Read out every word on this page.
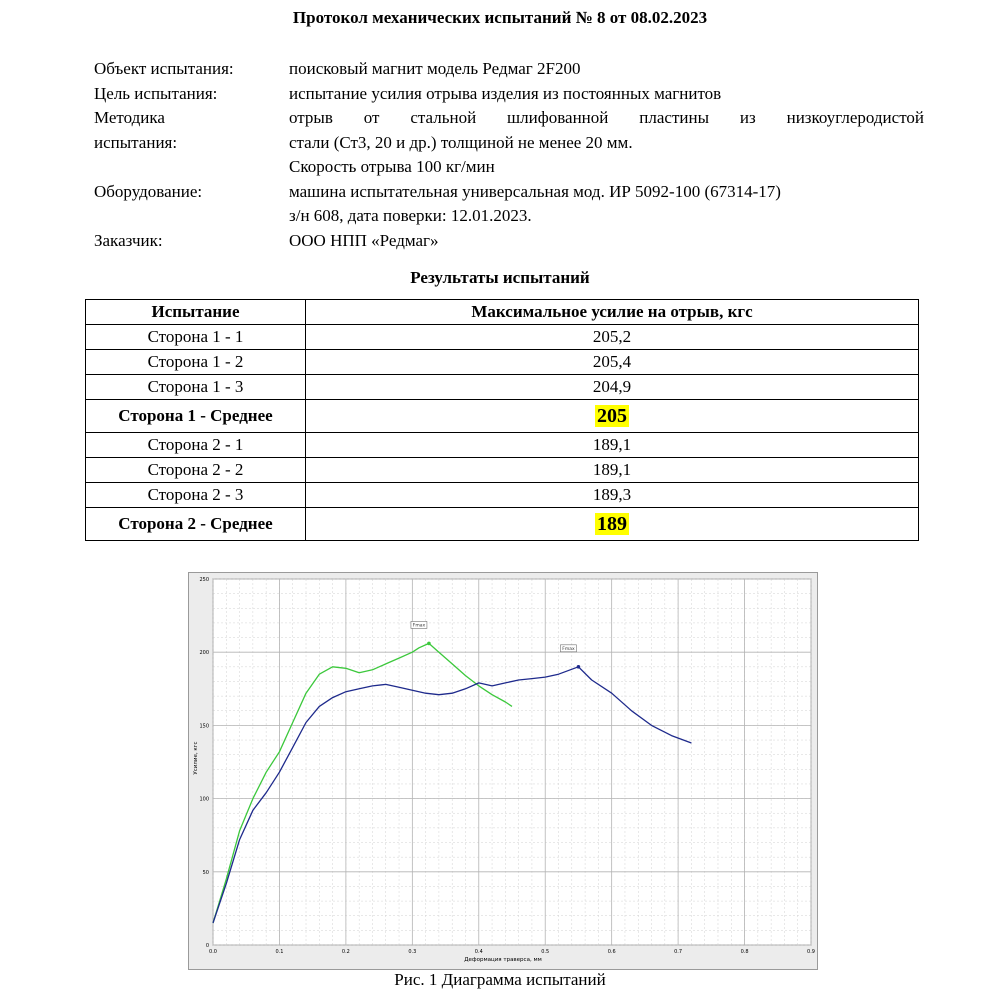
Протокол механических испытаний № 8 от 08.02.2023
Объект испытания:	поисковый магнит модель Редмаг 2F200
Цель испытания:	испытание усилия отрыва изделия из постоянных магнитов
Методика
испытания:
отрыв от стальной шлифованной пластины из низкоуглеродистой
стали (Ст3, 20 и др.) толщиной не менее 20 мм.
Скорость отрыва 100 кг/мин
Оборудование:	машина испытательная универсальная мод. ИР 5092-100 (67314-17)
з/н 608, дата поверки: 12.01.2023.
Заказчик:	ООО НПП «Редмаг»
Результаты испытаний
Испытание	Максимальное усилие на отрыв, кгс
Сторона 1 - 1	205,2
Сторона 1 - 2	205,4
Сторона 1 - 3	204,9
Сторона 1 - Среднее	205
Сторона 2 - 1	189,1
Сторона 2 - 2	189,1
Сторона 2 - 3	189,3
Сторона 2 - Среднее	189
0.0	0.1	0.2	0.3	0.4	0.5	0.6	0.7	0.8	0.9
0
50
100
150
200
250
Fmax
Fmax
Деформация траверса, мм
Усилие, кгс
Рис. 1 Диаграмма испытаний
